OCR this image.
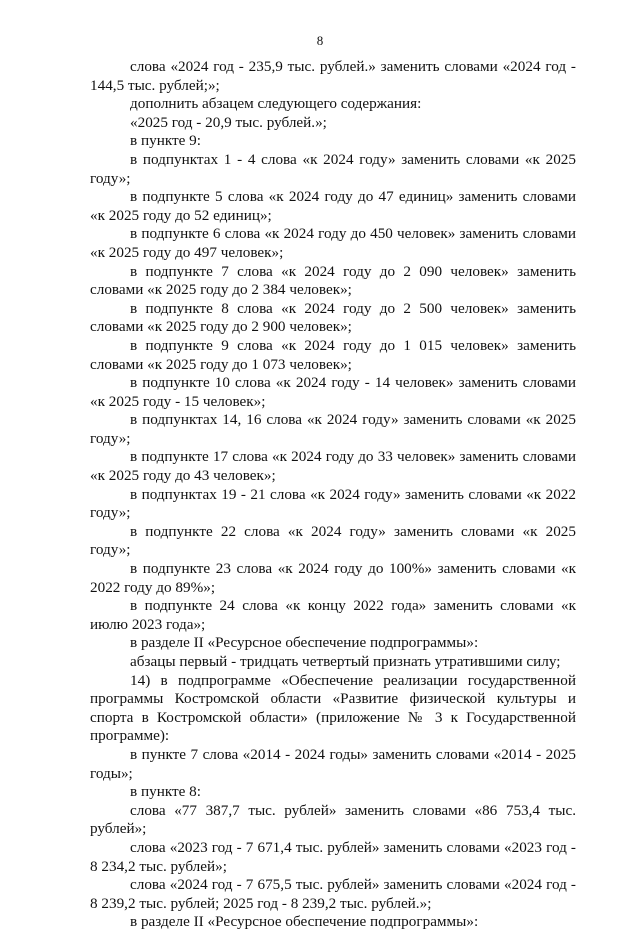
8

слова «2024 год - 235,9 тыс. рублей.» заменить словами «2024 год - 144,5 тыс. рублей;»;

дополнить абзацем следующего содержания:

«2025 год - 20,9 тыс. рублей.»;

в пункте 9:

в подпунктах 1 - 4 слова «к 2024 году» заменить словами «к 2025 году»;

в подпункте 5 слова «к 2024 году до 47 единиц» заменить словами «к 2025 году до 52 единиц»;

в подпункте 6 слова «к 2024 году до 450 человек» заменить словами «к 2025 году до 497 человек»;

в подпункте 7 слова «к 2024 году до 2 090 человек» заменить словами «к 2025 году до 2 384 человек»;

в подпункте 8 слова «к 2024 году до 2 500 человек» заменить словами «к 2025 году до 2 900 человек»;

в подпункте 9 слова «к 2024 году до 1 015 человек» заменить словами «к 2025 году до 1 073 человек»;

в подпункте 10 слова «к 2024 году - 14 человек» заменить словами «к 2025 году - 15 человек»;

в подпунктах 14, 16 слова «к 2024 году» заменить словами «к 2025 году»;

в подпункте 17 слова «к 2024 году до 33 человек» заменить словами «к 2025 году до 43 человек»;

в подпунктах 19 - 21 слова «к 2024 году» заменить словами «к 2022 году»;

в подпункте 22 слова «к 2024 году» заменить словами «к 2025 году»;

в подпункте 23 слова «к 2024 году до 100%» заменить словами «к 2022 году до 89%»;

в подпункте 24 слова «к концу 2022 года» заменить словами «к июлю 2023 года»;

в разделе II «Ресурсное обеспечение подпрограммы»:

абзацы первый - тридцать четвертый признать утратившими силу;

14) в подпрограмме «Обеспечение реализации государственной программы Костромской области «Развитие физической культуры и спорта в Костромской области» (приложение № 3 к Государственной программе):

в пункте 7 слова «2014 - 2024 годы» заменить словами «2014 - 2025 годы»;

в пункте 8:

слова «77 387,7 тыс. рублей» заменить словами «86 753,4 тыс. рублей»;

слова «2023 год - 7 671,4 тыс. рублей» заменить словами «2023 год - 8 234,2 тыс. рублей»;

слова «2024 год - 7 675,5 тыс. рублей» заменить словами «2024 год - 8 239,2 тыс. рублей; 2025 год - 8 239,2 тыс. рублей.»;

в разделе II «Ресурсное обеспечение подпрограммы»:
